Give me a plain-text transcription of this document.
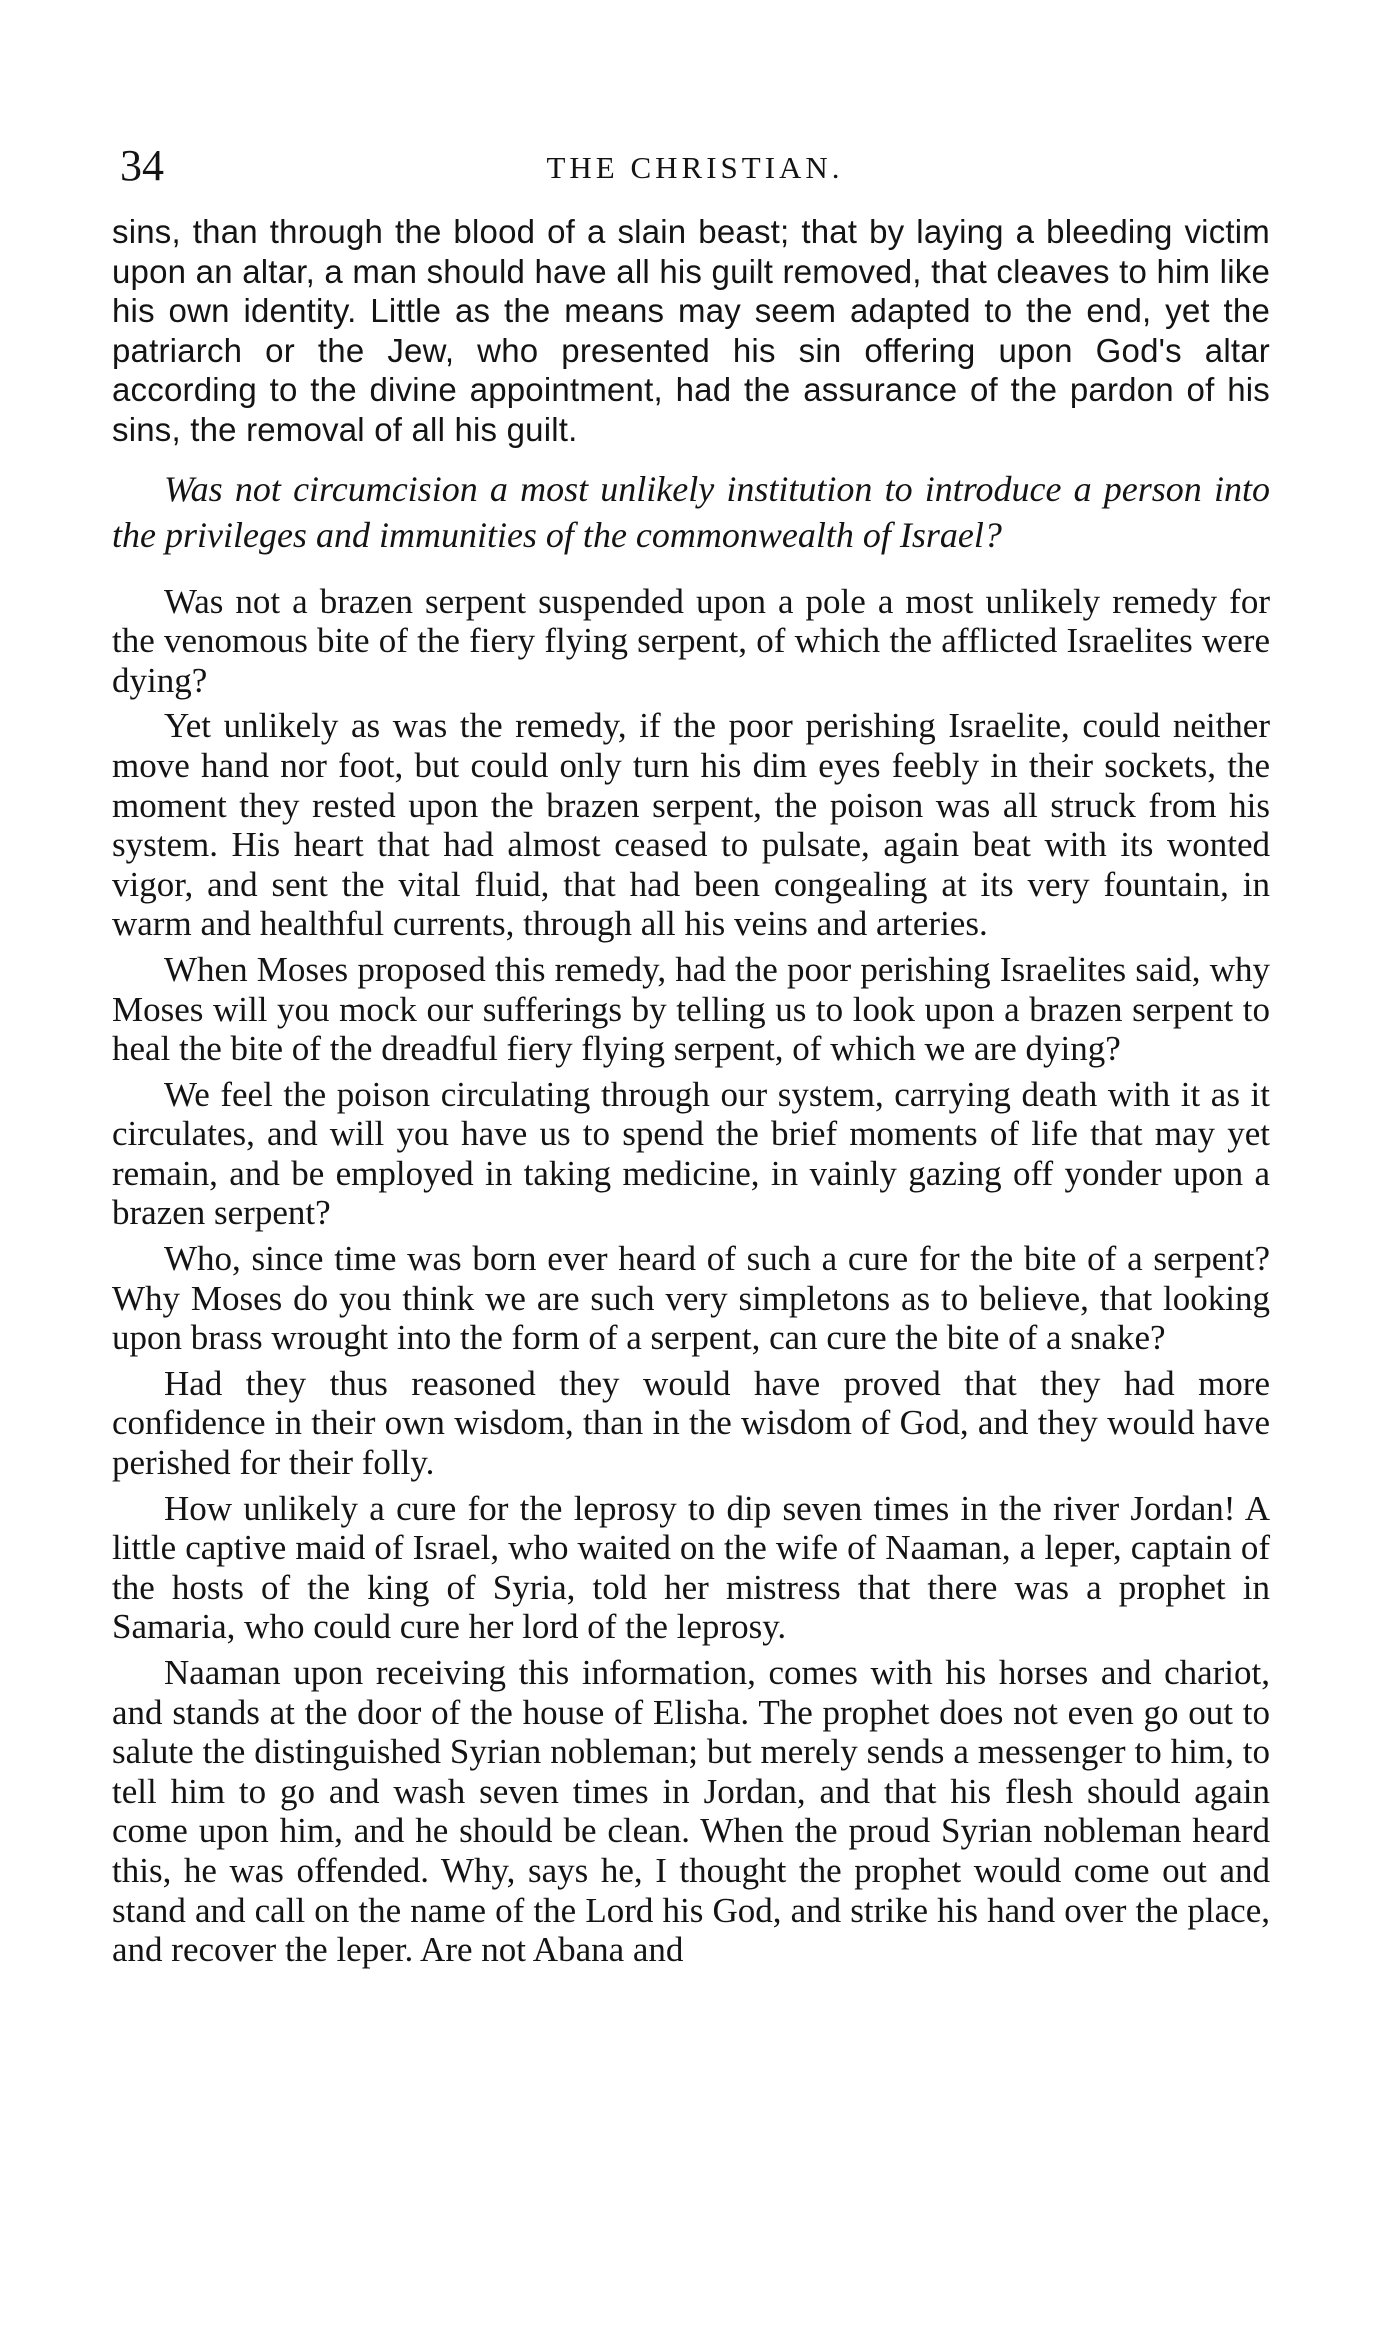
34	THE CHRISTIAN.

sins, than through the blood of a slain beast; that by laying a bleeding victim upon an altar, a man should have all his guilt removed, that cleaves to him like his own identity. Little as the means may seem adapted to the end, yet the patriarch or the Jew, who presented his sin offering upon God's altar according to the divine appointment, had the assurance of the pardon of his sins, the removal of all his guilt.

Was not circumcision a most unlikely institution to introduce a person into the privileges and immunities of the commonwealth of Israel?

Was not a brazen serpent suspended upon a pole a most unlikely remedy for the venomous bite of the fiery flying serpent, of which the afflicted Israelites were dying?

Yet unlikely as was the remedy, if the poor perishing Israelite, could neither move hand nor foot, but could only turn his dim eyes feebly in their sockets, the moment they rested upon the brazen serpent, the poison was all struck from his system. His heart that had almost ceased to pulsate, again beat with its wonted vigor, and sent the vital fluid, that had been congealing at its very fountain, in warm and healthful currents, through all his veins and arteries.

When Moses proposed this remedy, had the poor perishing Israelites said, why Moses will you mock our sufferings by telling us to look upon a brazen serpent to heal the bite of the dreadful fiery flying serpent, of which we are dying?

We feel the poison circulating through our system, carrying death with it as it circulates, and will you have us to spend the brief moments of life that may yet remain, and be employed in taking medicine, in vainly gazing off yonder upon a brazen serpent?

Who, since time was born ever heard of such a cure for the bite of a serpent? Why Moses do you think we are such very simpletons as to believe, that looking upon brass wrought into the form of a serpent, can cure the bite of a snake?

Had they thus reasoned they would have proved that they had more confidence in their own wisdom, than in the wisdom of God, and they would have perished for their folly.

How unlikely a cure for the leprosy to dip seven times in the river Jordan! A little captive maid of Israel, who waited on the wife of Naaman, a leper, captain of the hosts of the king of Syria, told her mistress that there was a prophet in Samaria, who could cure her lord of the leprosy.

Naaman upon receiving this information, comes with his horses and chariot, and stands at the door of the house of Elisha. The prophet does not even go out to salute the distinguished Syrian nobleman; but merely sends a messenger to him, to tell him to go and wash seven times in Jordan, and that his flesh should again come upon him, and he should be clean. When the proud Syrian nobleman heard this, he was offended. Why, says he, I thought the prophet would come out and stand and call on the name of the Lord his God, and strike his hand over the place, and recover the leper. Are not Abana and
